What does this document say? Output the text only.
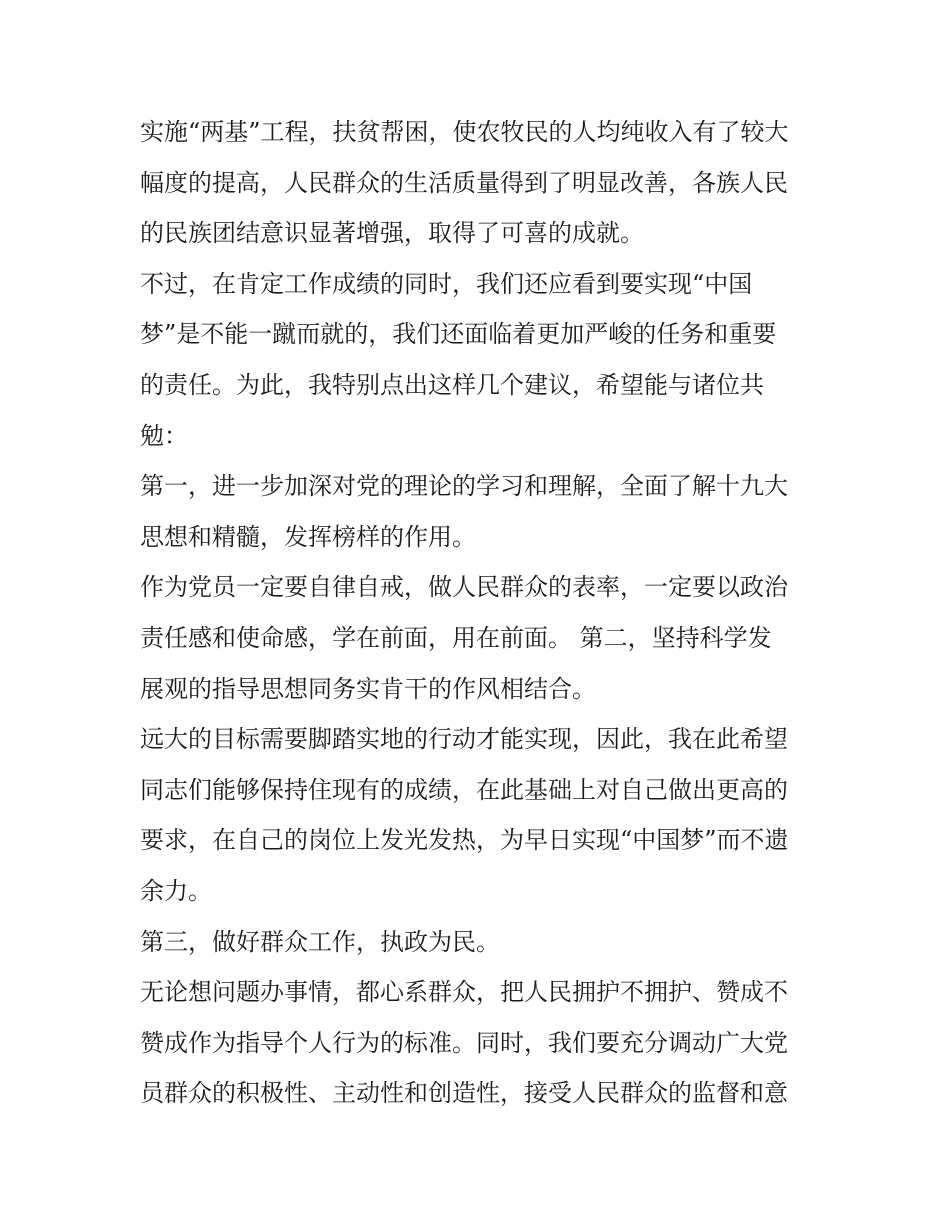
实施“两基”工程，扶贫帮困，使农牧民的人均纯收入有了较大
幅度的提高，人民群众的生活质量得到了明显改善，各族人民
的民族团结意识显著增强，取得了可喜的成就。
不过，在肯定工作成绩的同时，我们还应看到要实现“中国
梦”是不能一蹴而就的，我们还面临着更加严峻的任务和重要
的责任。为此，我特别点出这样几个建议，希望能与诸位共
勉：
第一，进一步加深对党的理论的学习和理解，全面了解十九大
思想和精髓，发挥榜样的作用。
作为党员一定要自律自戒，做人民群众的表率，一定要以政治
责任感和使命感，学在前面，用在前面。 第二，坚持科学发
展观的指导思想同务实肯干的作风相结合。
远大的目标需要脚踏实地的行动才能实现，因此，我在此希望
同志们能够保持住现有的成绩，在此基础上对自己做出更高的
要求，在自己的岗位上发光发热，为早日实现“中国梦”而不遗
余力。
第三，做好群众工作，执政为民。
无论想问题办事情，都心系群众，把人民拥护不拥护、赞成不
赞成作为指导个人行为的标准。同时，我们要充分调动广大党
员群众的积极性、主动性和创造性，接受人民群众的监督和意
